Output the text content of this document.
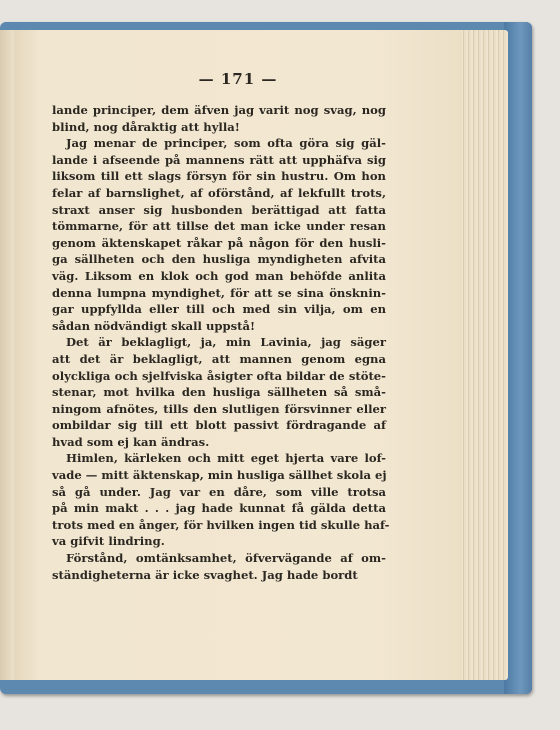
— 171 —
lande principer, dem äfven jag varit nog svag, nog
blind, nog dåraktig att hylla!
Jag menar de principer, som ofta göra sig gäl-
lande i afseende på mannens rätt att upphäfva sig
liksom till ett slags försyn för sin hustru. Om hon
felar af barnslighet, af oförstånd, af lekfullt trots,
straxt anser sig husbonden berättigad att fatta
tömmarne, för att tillse det man icke under resan
genom äktenskapet råkar på någon för den husli-
ga sällheten och den husliga myndigheten afvita
väg. Liksom en klok och god man behöfde anlita
denna lumpna myndighet, för att se sina önsknin-
gar uppfyllda eller till och med sin vilja, om en
sådan nödvändigt skall uppstå!
Det är beklagligt, ja, min Lavinia, jag säger
att det är beklagligt, att mannen genom egna
olyckliga och sjelfviska åsigter ofta bildar de stöte-
stenar, mot hvilka den husliga sällheten så små-
ningom afnötes, tills den slutligen försvinner eller
ombildar sig till ett blott passivt fördragande af
hvad som ej kan ändras.
Himlen, kärleken och mitt eget hjerta vare lof-
vade — mitt äktenskap, min husliga sällhet skola ej
så gå under. Jag var en dåre, som ville trotsa
på min makt . . . jag hade kunnat få gälda detta
trots med en ånger, för hvilken ingen tid skulle haf-
va gifvit lindring.
Förstånd, omtänksamhet, öfvervägande af om-
ständigheterna är icke svaghet. Jag hade bordt
